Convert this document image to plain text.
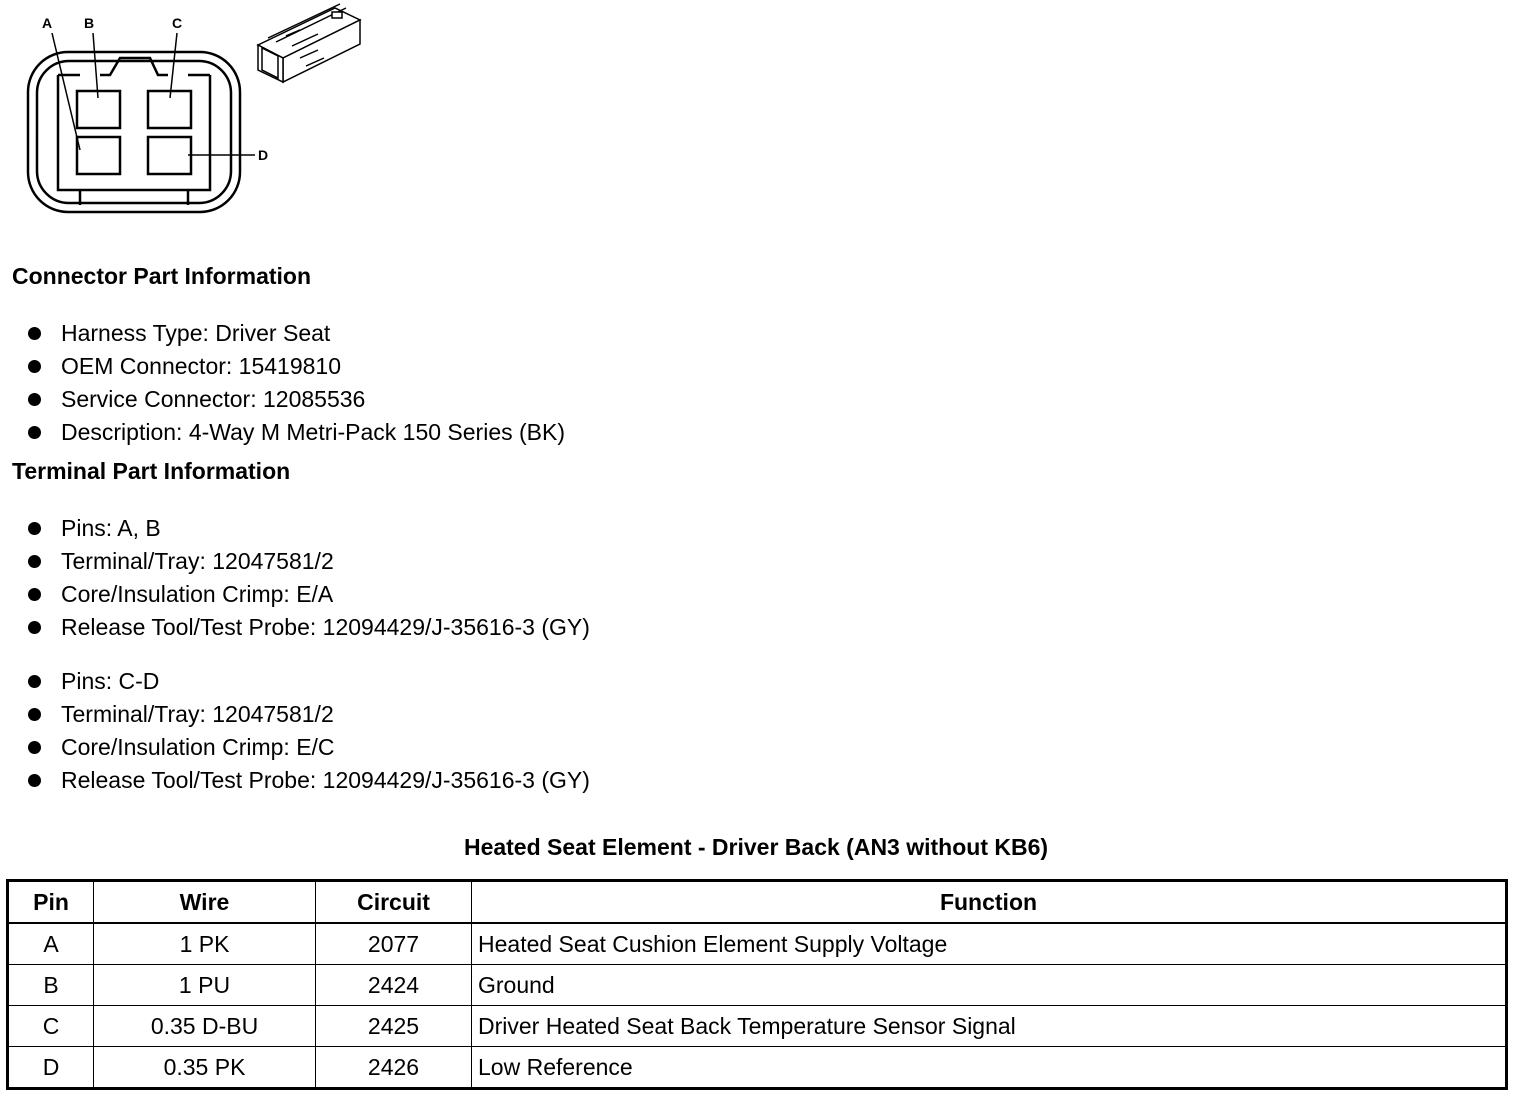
A B	C
D
Connector Part Information
Harness Type: Driver Seat
OEM Connector: 15419810
Service Connector: 12085536
Description: 4-Way M Metri-Pack 150 Series (BK)
Terminal Part Information
Pins: A, B
Terminal/Tray: 12047581/2
Core/Insulation Crimp: E/A
Release Tool/Test Probe: 12094429/J-35616-3 (GY)
Pins: C-D
Terminal/Tray: 12047581/2
Core/Insulation Crimp: E/C
Release Tool/Test Probe: 12094429/J-35616-3 (GY)
Heated Seat Element - Driver Back (AN3 without KB6)
Pin	Wire	Circuit	Function
A	1 PK	2077	Heated Seat Cushion Element Supply Voltage
B	1 PU	2424	Ground
C	0.35 D-BU	2425	Driver Heated Seat Back Temperature Sensor Signal
D	0.35 PK	2426	Low Reference
